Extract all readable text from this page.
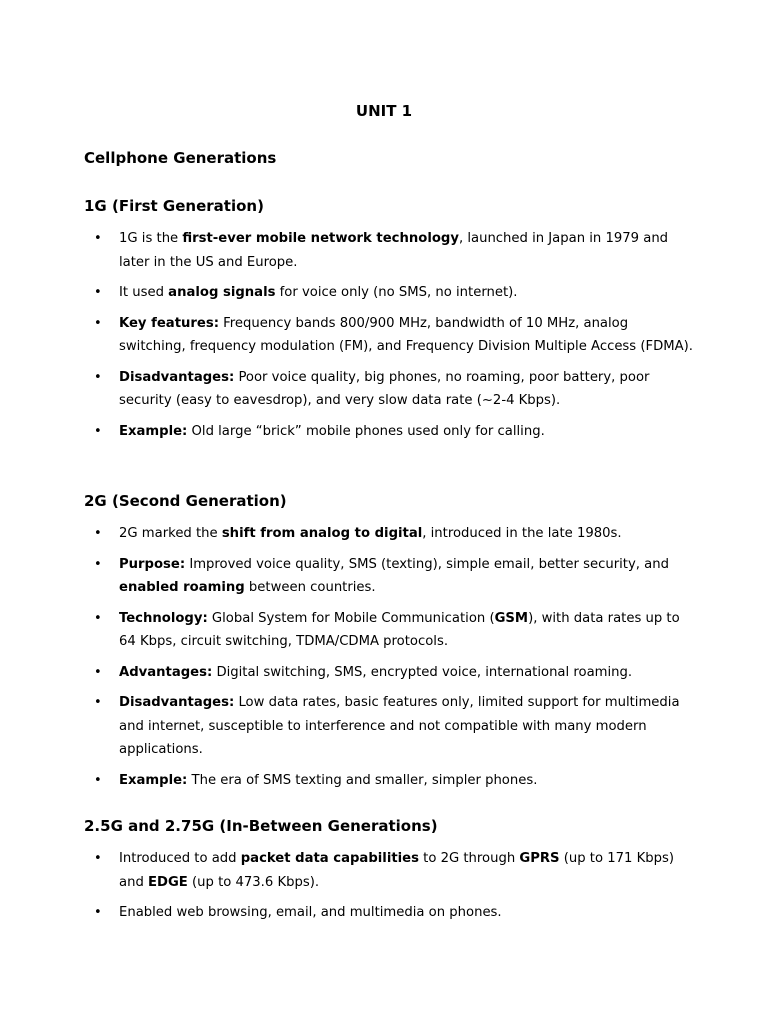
UNIT 1
Cellphone Generations
1G (First Generation)
• 1G is the first-ever mobile network technology, launched in Japan in 1979 and later in the US and Europe.
• It used analog signals for voice only (no SMS, no internet).
• Key features: Frequency bands 800/900 MHz, bandwidth of 10 MHz, analog switching, frequency modulation (FM), and Frequency Division Multiple Access (FDMA).
• Disadvantages: Poor voice quality, big phones, no roaming, poor battery, poor security (easy to eavesdrop), and very slow data rate (~2-4 Kbps).
• Example: Old large “brick” mobile phones used only for calling.
2G (Second Generation)
• 2G marked the shift from analog to digital, introduced in the late 1980s.
• Purpose: Improved voice quality, SMS (texting), simple email, better security, and enabled roaming between countries.
• Technology: Global System for Mobile Communication (GSM), with data rates up to 64 Kbps, circuit switching, TDMA/CDMA protocols.
• Advantages: Digital switching, SMS, encrypted voice, international roaming.
• Disadvantages: Low data rates, basic features only, limited support for multimedia and internet, susceptible to interference and not compatible with many modern applications.
• Example: The era of SMS texting and smaller, simpler phones.
2.5G and 2.75G (In-Between Generations)
• Introduced to add packet data capabilities to 2G through GPRS (up to 171 Kbps) and EDGE (up to 473.6 Kbps).
• Enabled web browsing, email, and multimedia on phones.
